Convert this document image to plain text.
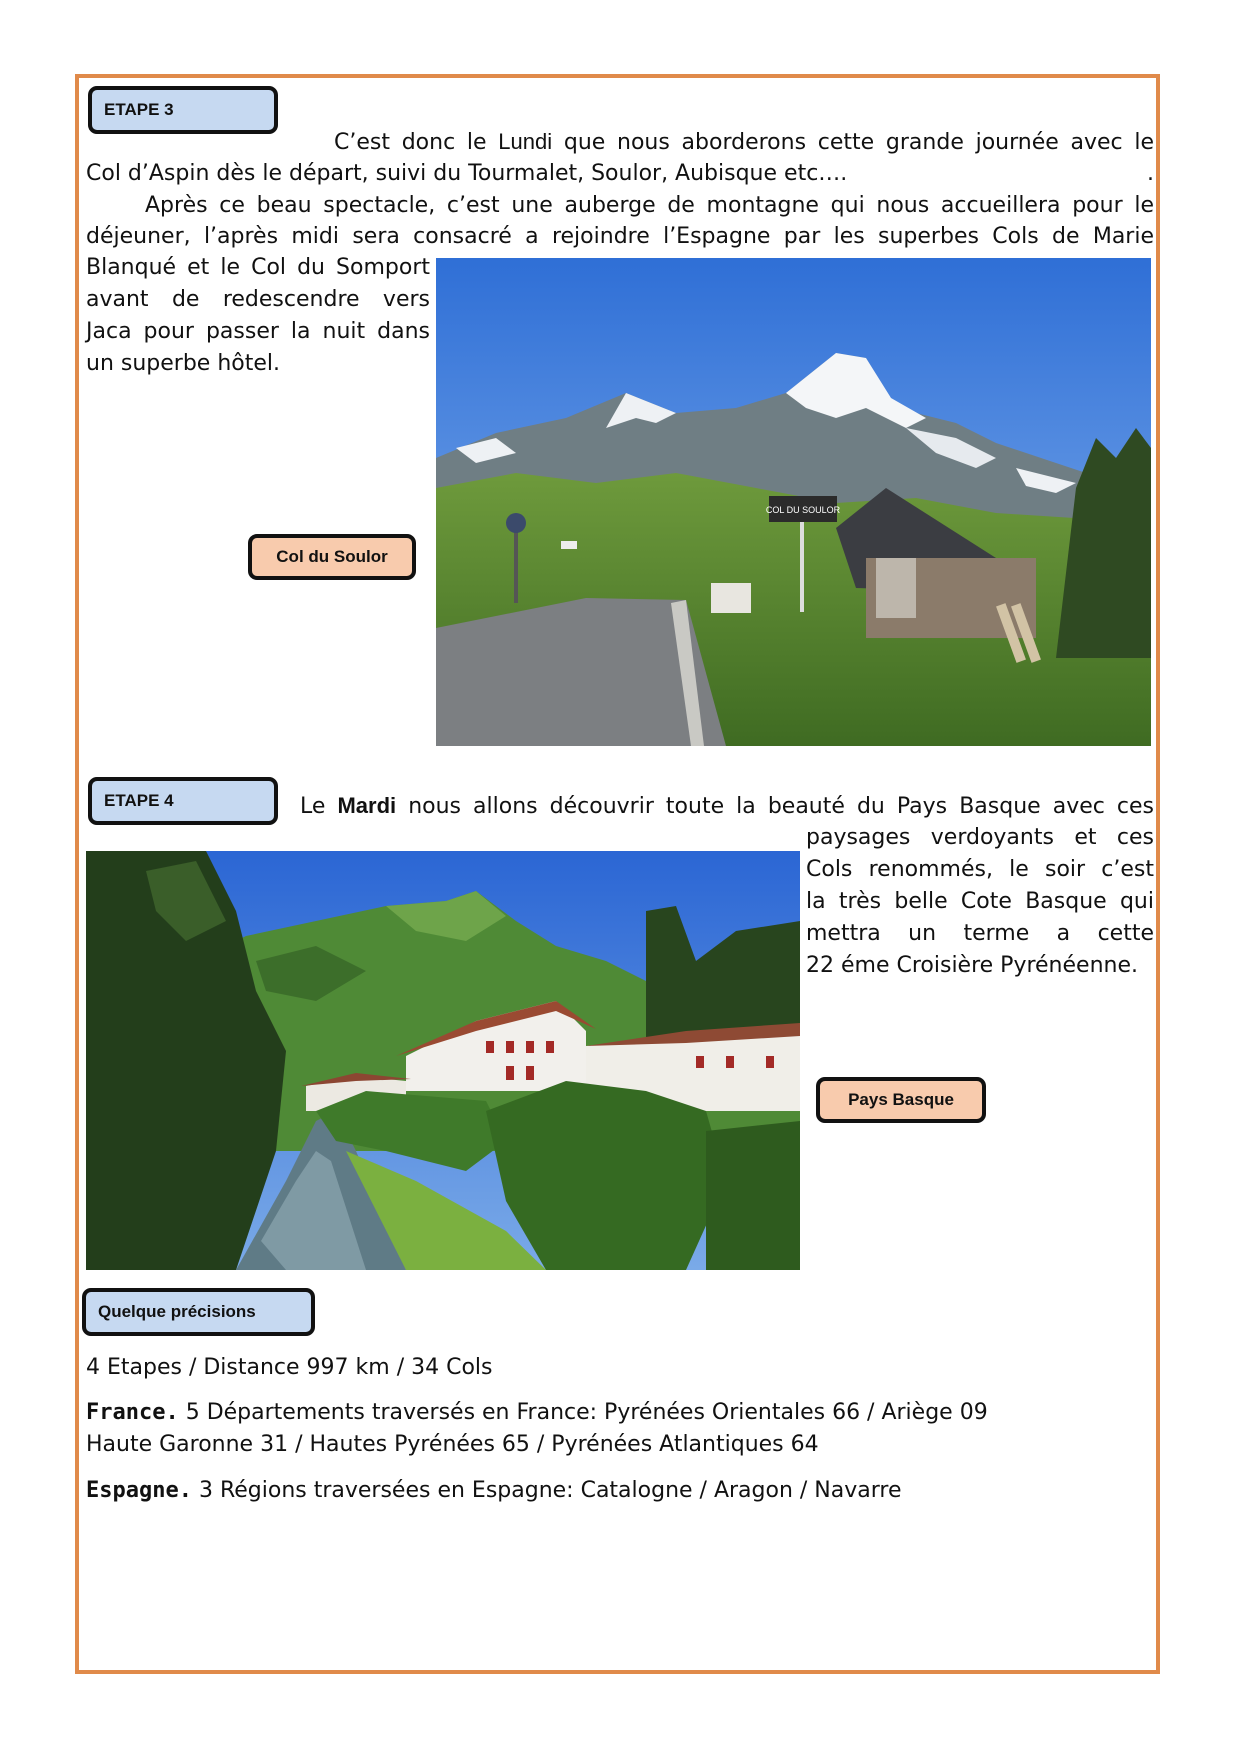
ETAPE 3

C’est donc le Lundi que nous aborderons cette grande journée avec le

Col d’Aspin dès le départ, suivi du Tourmalet, Soulor, Aubisque etc….	.

Après ce beau spectacle, c’est une auberge de montagne qui nous accueillera pour le

déjeuner, l’après midi sera consacré a rejoindre l’Espagne par les superbes Cols de Marie

Blanqué et le Col du Somport

avant de redescendre vers

Jaca pour passer la nuit dans

un superbe hôtel.

Col du Soulor
COL DU SOULOR
ETAPE 4	Le Mardi nous allons découvrir toute la beauté du Pays Basque avec ces

paysages verdoyants et ces

Cols renommés, le soir c’est

la très belle Cote Basque qui

mettra un terme a cette

22 éme Croisière Pyrénéenne.

Pays Basque
Quelque précisions

4 Etapes / Distance 997 km / 34 Cols

France. 5 Départements traversés en France: Pyrénées Orientales 66 / Ariège 09

Haute Garonne 31 / Hautes Pyrénées 65 / Pyrénées Atlantiques 64

Espagne. 3 Régions traversées en Espagne: Catalogne / Aragon / Navarre
